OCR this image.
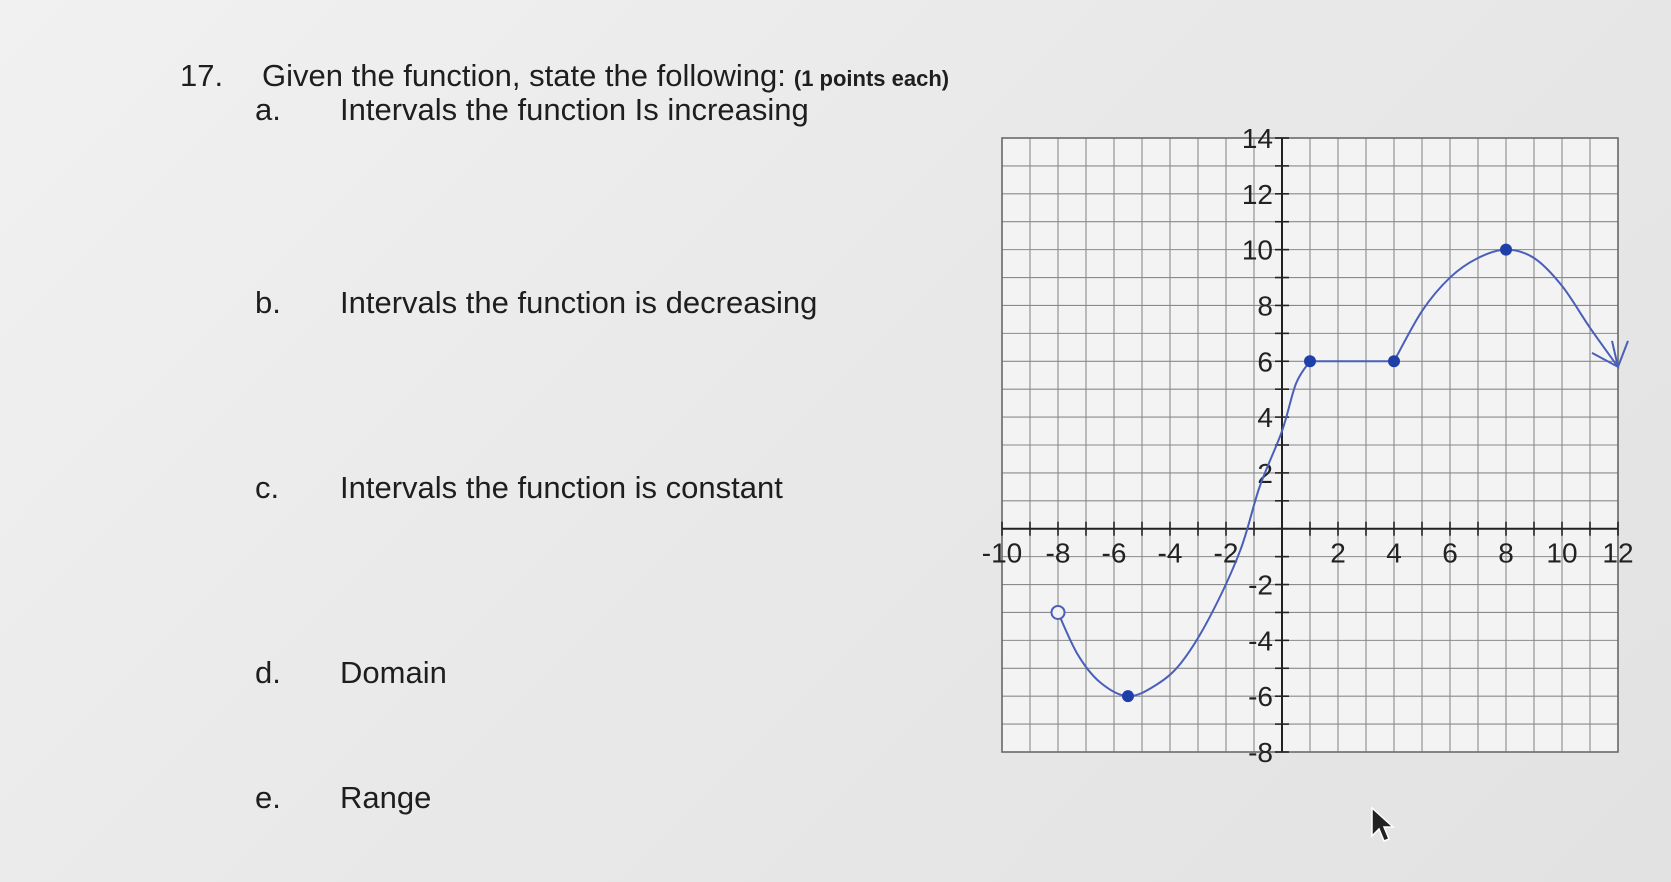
17. Given the function, state the following: (1 points each)
a. Intervals the function Is increasing
b. Intervals the function is decreasing
c. Intervals the function is constant
d. Domain
e. Range
-10 -8 -6 -4 -2	2 4 6 8 10 12
14
12
10
8
6
4
2
-2
-4
-6
-8
